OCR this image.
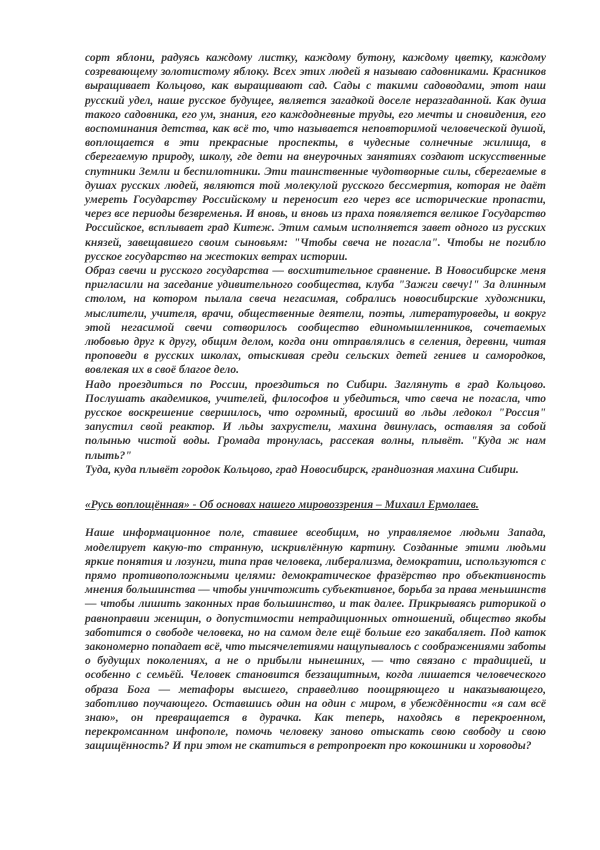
сорт яблони, радуясь каждому листку, каждому бутону, каждому цветку, каждому созревающему золотистому яблоку. Всех этих людей я называю садовниками. Красников выращивает Кольцово, как выращивают сад. Сады с такими садоводами, этот наш русский удел, наше русское будущее, является загадкой доселе неразгаданной. Как душа такого садовника, его ум, знания, его каждодневные труды, его мечты и сновидения, его воспоминания детства, как всё то, что называется неповторимой человеческой душой, воплощается в эти прекрасные проспекты, в чудесные солнечные жилища, в сберегаемую природу, школу, где дети на внеурочных занятиях создают искусственные спутники Земли и беспилотники. Эти таинственные чудотворные силы, сберегаемые в душах русских людей, являются той молекулой русского бессмертия, которая не даёт умереть Государству Российскому и переносит его через все исторические пропасти, через все периоды безвременья. И вновь, и вновь из праха появляется великое Государство Российское, всплывает град Китеж. Этим самым исполняется завет одного из русских князей, завещавшего своим сыновьям: "Чтобы свеча не погасла". Чтобы не погибло русское государство на жестоких ветрах истории.

Образ свечи и русского государства — восхитительное сравнение. В Новосибирске меня пригласили на заседание удивительного сообщества, клуба "Зажги свечу!" За длинным столом, на котором пылала свеча негасимая, собрались новосибирские художники, мыслители, учителя, врачи, общественные деятели, поэты, литературоведы, и вокруг этой негасимой свечи сотворилось сообщество единомышленников, сочетаемых любовью друг к другу, общим делом, когда они отправлялись в селения, деревни, читая проповеди в русских школах, отыскивая среди сельских детей гениев и самородков, вовлекая их в своё благое дело.

Надо проездиться по России, проездиться по Сибири. Заглянуть в град Кольцово. Послушать академиков, учителей, философов и убедиться, что свеча не погасла, что русское воскрешение свершилось, что огромный, вросший во льды ледокол "Россия" запустил свой реактор. И льды захрустели, махина двинулась, оставляя за собой полынью чистой воды. Громада тронулась, рассекая волны, плывёт. "Куда ж нам плыть?"

Туда, куда плывёт городок Кольцово, град Новосибирск, грандиозная махина Сибири.

«Русь воплощённая» - Об основах нашего мировоззрения – Михаил Ермолаев.

Наше информационное поле, ставшее всеобщим, но управляемое людьми Запада, моделирует какую-то странную, искривлённую картину. Созданные этими людьми яркие понятия и лозунги, типа прав человека, либерализма, демократии, используются с прямо противоположными целями: демократическое фразёрство про объективность мнения большинства — чтобы уничтожить субъективное, борьба за права меньшинств — чтобы лишить законных прав большинство, и так далее. Прикрываясь риторикой о равноправии женщин, о допустимости нетрадиционных отношений, общество якобы заботится о свободе человека, но на самом деле ещё больше его закабаляет. Под каток закономерно попадает всё, что тысячелетиями нащупывалось с соображениями заботы о будущих поколениях, а не о прибыли нынешних, — что связано с традицией, и особенно с семьёй. Человек становится беззащитным, когда лишается человеческого образа Бога — метафоры высшего, справедливо поощряющего и наказывающего, заботливо поучающего. Оставшись один на один с миром, в убеждённости «я сам всё знаю», он превращается в дурачка. Как теперь, находясь в перекроенном, перекромсанном инфополе, помочь человеку заново отыскать свою свободу и свою защищённость? И при этом не скатиться в ретропроект про кокошники и хороводы?
